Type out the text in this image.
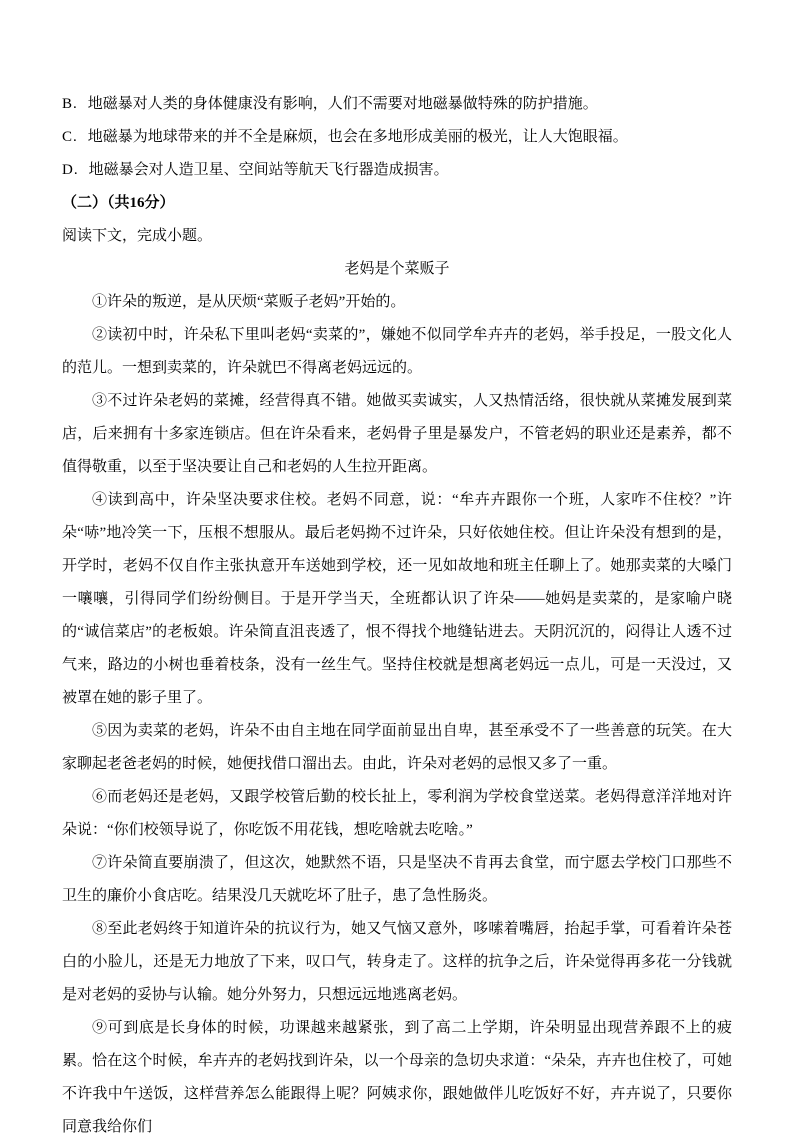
B. 地磁暴对人类的身体健康没有影响，人们不需要对地磁暴做特殊的防护措施。
C. 地磁暴为地球带来的并不全是麻烦，也会在多地形成美丽的极光，让人大饱眼福。
D. 地磁暴会对人造卫星、空间站等航天飞行器造成损害。
（二）（共16分）
阅读下文，完成小题。
老妈是个菜贩子

①许朵的叛逆，是从厌烦“菜贩子老妈”开始的。

②读初中时，许朵私下里叫老妈“卖菜的”，嫌她不似同学牟卉卉的老妈，举手投足，一股文化人的范儿。一想到卖菜的，许朵就巴不得离老妈远远的。

③不过许朵老妈的菜摊，经营得真不错。她做买卖诚实，人又热情活络，很快就从菜摊发展到菜店，后来拥有十多家连锁店。但在许朵看来，老妈骨子里是暴发户，不管老妈的职业还是素养，都不值得敬重，以至于坚决要让自己和老妈的人生拉开距离。

④读到高中，许朵坚决要求住校。老妈不同意，说：“牟卉卉跟你一个班，人家咋不住校？”许朵“哧”地冷笑一下，压根不想服从。最后老妈拗不过许朵，只好依她住校。但让许朵没有想到的是，开学时，老妈不仅自作主张执意开车送她到学校，还一见如故地和班主任聊上了。她那卖菜的大嗓门一嚷嚷，引得同学们纷纷侧目。于是开学当天，全班都认识了许朵——她妈是卖菜的，是家喻户晓的“诚信菜店”的老板娘。许朵简直沮丧透了，恨不得找个地缝钻进去。天阴沉沉的，闷得让人透不过气来，路边的小树也垂着枝条，没有一丝生气。坚持住校就是想离老妈远一点儿，可是一天没过，又被罩在她的影子里了。

⑤因为卖菜的老妈，许朵不由自主地在同学面前显出自卑，甚至承受不了一些善意的玩笑。在大家聊起老爸老妈的时候，她便找借口溜出去。由此，许朵对老妈的忌恨又多了一重。

⑥而老妈还是老妈，又跟学校管后勤的校长扯上，零利润为学校食堂送菜。老妈得意洋洋地对许朵说：“你们校领导说了，你吃饭不用花钱，想吃啥就去吃啥。”

⑦许朵简直要崩溃了，但这次，她默然不语，只是坚决不肯再去食堂，而宁愿去学校门口那些不卫生的廉价小食店吃。结果没几天就吃坏了肚子，患了急性肠炎。

⑧至此老妈终于知道许朵的抗议行为，她又气恼又意外，哆嗦着嘴唇，抬起手掌，可看着许朵苍白的小脸儿，还是无力地放了下来，叹口气，转身走了。这样的抗争之后，许朵觉得再多花一分钱就是对老妈的妥协与认输。她分外努力，只想远远地逃离老妈。

⑨可到底是长身体的时候，功课越来越紧张，到了高二上学期，许朵明显出现营养跟不上的疲累。恰在这个时候，牟卉卉的老妈找到许朵，以一个母亲的急切央求道：“朵朵，卉卉也住校了，可她不许我中午送饭，这样营养怎么能跟得上呢？阿姨求你，跟她做伴儿吃饭好不好，卉卉说了，只要你同意我给你们
